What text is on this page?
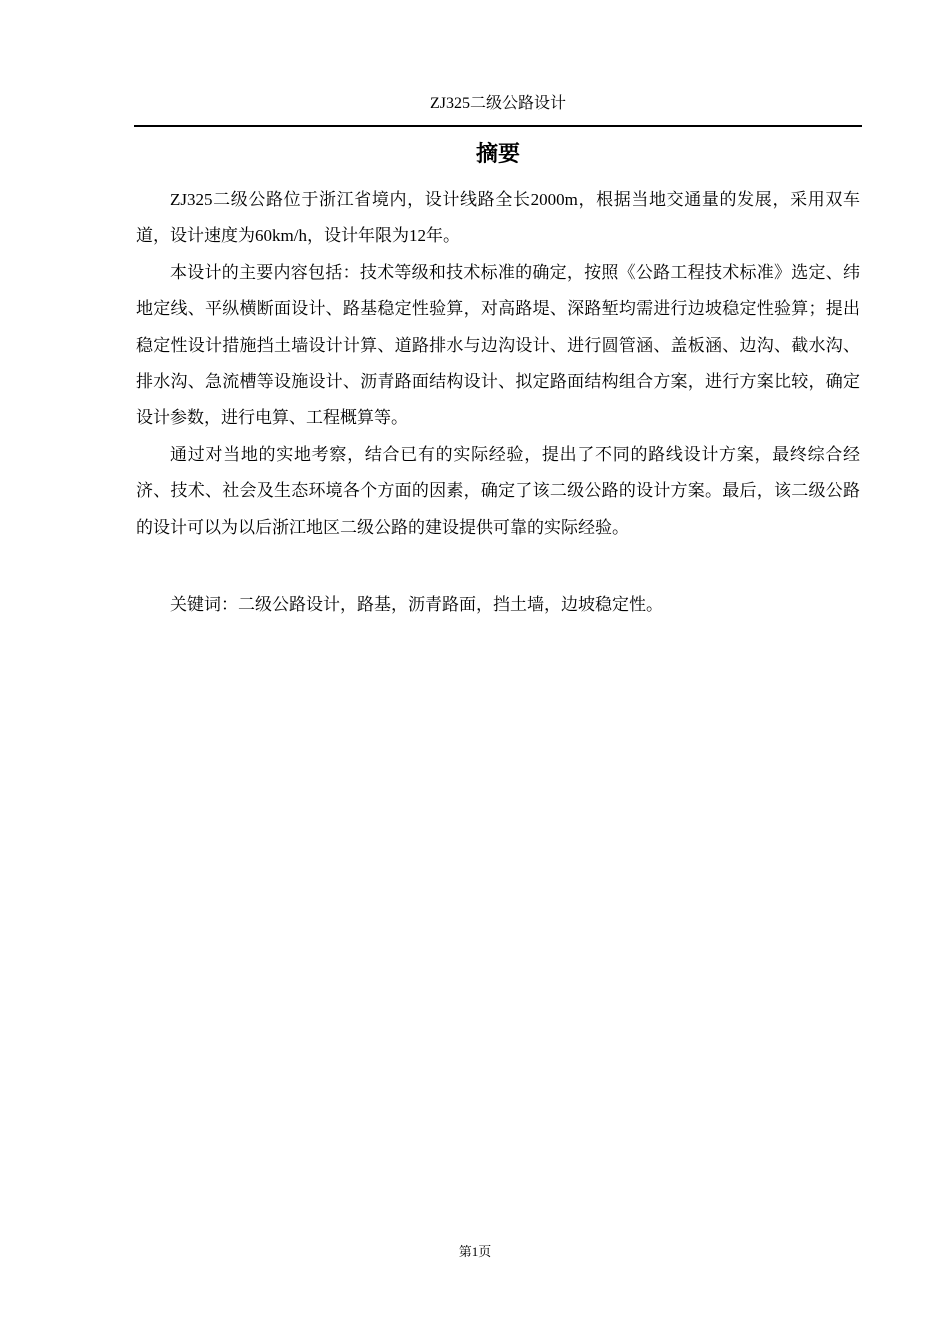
ZJ325二级公路设计
摘要

ZJ325二级公路位于浙江省境内，设计线路全长2000m，根据当地交通量的发展，采用双车道，设计速度为60km/h，设计年限为12年。

本设计的主要内容包括：技术等级和技术标准的确定，按照《公路工程技术标准》选定、纬地定线、平纵横断面设计、路基稳定性验算，对高路堤、深路堑均需进行边坡稳定性验算；提出稳定性设计措施挡土墙设计计算、道路排水与边沟设计、进行圆管涵、盖板涵、边沟、截水沟、排水沟、急流槽等设施设计、沥青路面结构设计、拟定路面结构组合方案，进行方案比较，确定设计参数，进行电算、工程概算等。

通过对当地的实地考察，结合已有的实际经验，提出了不同的路线设计方案，最终综合经济、技术、社会及生态环境各个方面的因素，确定了该二级公路的设计方案。最后，该二级公路的设计可以为以后浙江地区二级公路的建设提供可靠的实际经验。

关键词：二级公路设计，路基，沥青路面，挡土墙，边坡稳定性。

第1页
